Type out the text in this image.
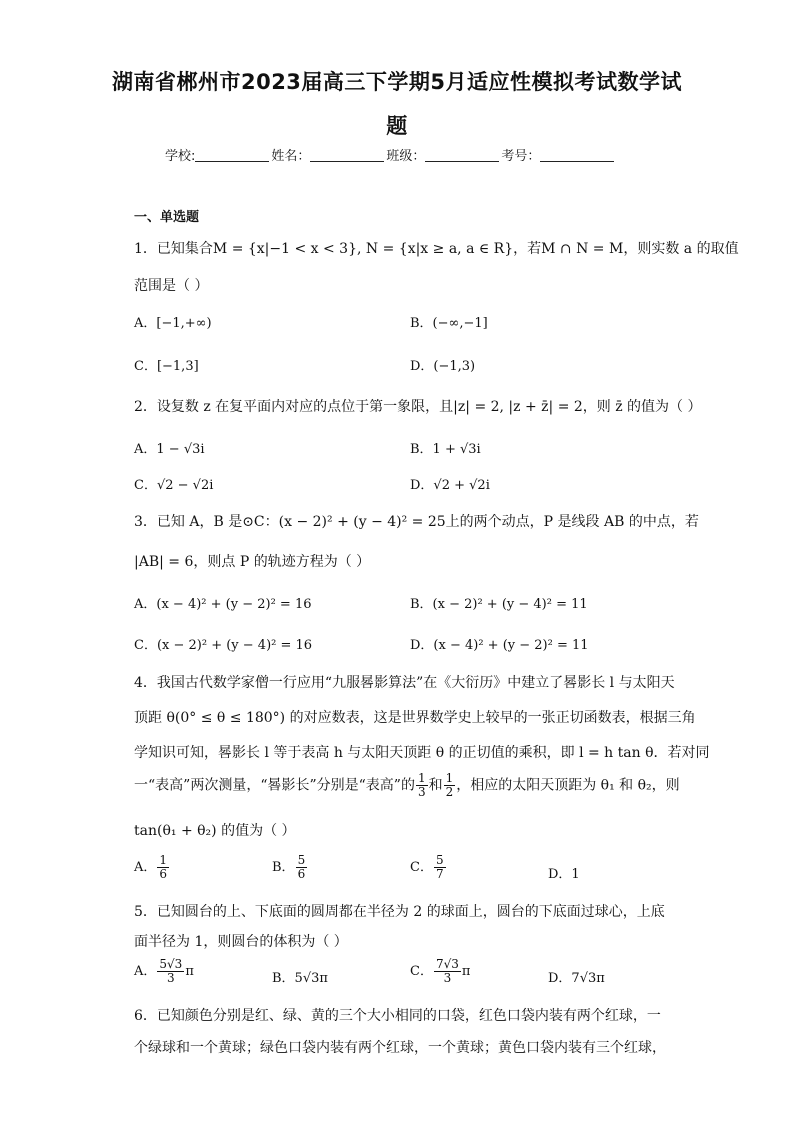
湖南省郴州市2023届高三下学期5月适应性模拟考试数学试
题
学校:	姓名：	班级：	考号：
一、单选题
1．已知集合M = {x|−1 < x < 3}, N = {x|x ≥ a, a ∈ R}，若M ∩ N = M，则实数 a 的取值
范围是（ ）
A．[−1,+∞)	B．(−∞,−1]
C．[−1,3]	D．(−1,3)
2．设复数 z 在复平面内对应的点位于第一象限，且|z| = 2, |z + z̄| = 2，则 z̄ 的值为（ ）
A．1 − √3i	B．1 + √3i
C．√2 − √2i	D．√2 + √2i
3．已知 A，B 是⊙C：(x − 2)² + (y − 4)² = 25上的两个动点，P 是线段 AB 的中点，若
|AB| = 6，则点 P 的轨迹方程为（ ）
A．(x − 4)² + (y − 2)² = 16	B．(x − 2)² + (y − 4)² = 11
C．(x − 2)² + (y − 4)² = 16	D．(x − 4)² + (y − 2)² = 11
4．我国古代数学家僧一行应用“九服晷影算法”在《大衍历》中建立了晷影长 l 与太阳天
顶距 θ(0° ≤ θ ≤ 180°) 的对应数表，这是世界数学史上较早的一张正切函数表，根据三角
学知识可知，晷影长 l 等于表高 h 与太阳天顶距 θ 的正切值的乘积，即 l = h tan θ．若对同
一“表高”两次测量，“晷影长”分别是“表高”的 $\frac{1}{3}$ 和 $\frac{1}{2}$ ，相应的太阳天顶距为 θ₁ 和 θ₂，则
tan(θ₁ + θ₂) 的值为（ ）
A． $\frac{1}{6}$	B． $\frac{5}{6}$	C． $\frac{5}{7}$	D．1
5．已知圆台的上、下底面的圆周都在半径为 2 的球面上，圆台的下底面过球心，上底
面半径为 1，则圆台的体积为（ ）
A． $\frac{5√3}{3}$ π	B．5√3π	C． $\frac{7√3}{3}$ π	D．7√3π
6．已知颜色分别是红、绿、黄的三个大小相同的口袋，红色口袋内装有两个红球，一
个绿球和一个黄球；绿色口袋内装有两个红球，一个黄球；黄色口袋内装有三个红球，
